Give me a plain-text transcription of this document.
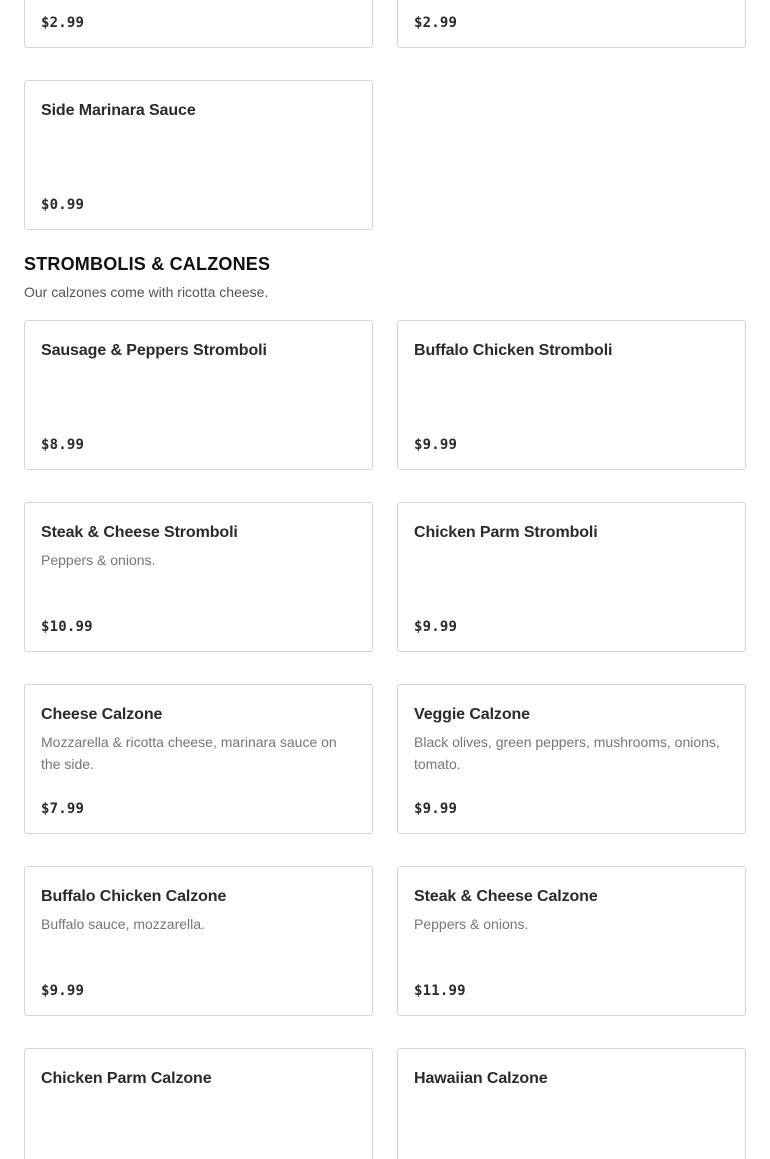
$2.99	$2.99
Side Marinara Sauce
$0.99
STROMBOLIS & CALZONES

Our calzones come with ricotta cheese.

Sausage & Peppers Stromboli
$8.99
Buffalo Chicken Stromboli
$9.99
Steak & Cheese Stromboli
Peppers & onions.
$10.99
Chicken Parm Stromboli
$9.99
Cheese Calzone
Mozzarella & ricotta cheese, marinara sauce on the side.
$7.99
Veggie Calzone
Black olives, green peppers, mushrooms, onions, tomato.
$9.99
Buffalo Chicken Calzone
Buffalo sauce, mozzarella.
$9.99
Steak & Cheese Calzone
Peppers & onions.
$11.99
Chicken Parm Calzone	Hawaiian Calzone
